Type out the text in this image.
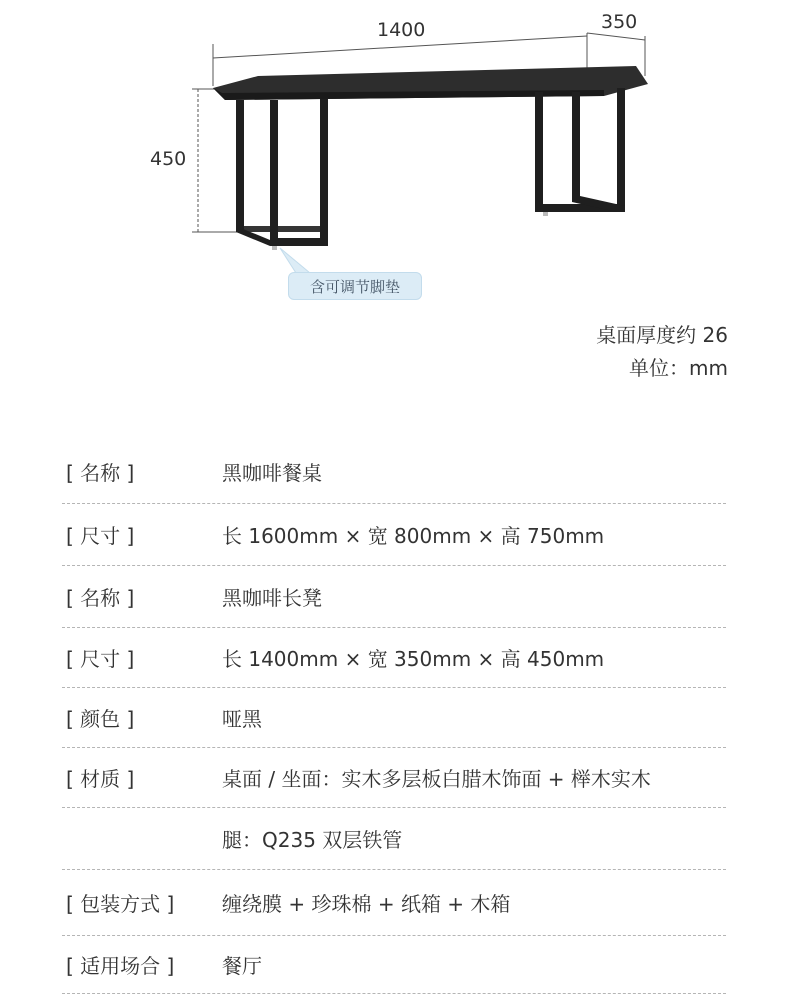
1400	350
450
含可调节脚垫
桌面厚度约 26
单位：mm
[ 名称 ]	黑咖啡餐桌
[ 尺寸 ]	长 1600mm × 宽 800mm × 高 750mm
[ 名称 ]	黑咖啡长凳
[ 尺寸 ]	长 1400mm × 宽 350mm × 高 450mm
[ 颜色 ]	哑黑
[ 材质 ]	桌面 / 坐面：实木多层板白腊木饰面 + 榉木实木
腿：Q235 双层铁管
[ 包装方式 ]	缠绕膜 + 珍珠棉 + 纸箱 + 木箱
[ 适用场合 ]	餐厅
